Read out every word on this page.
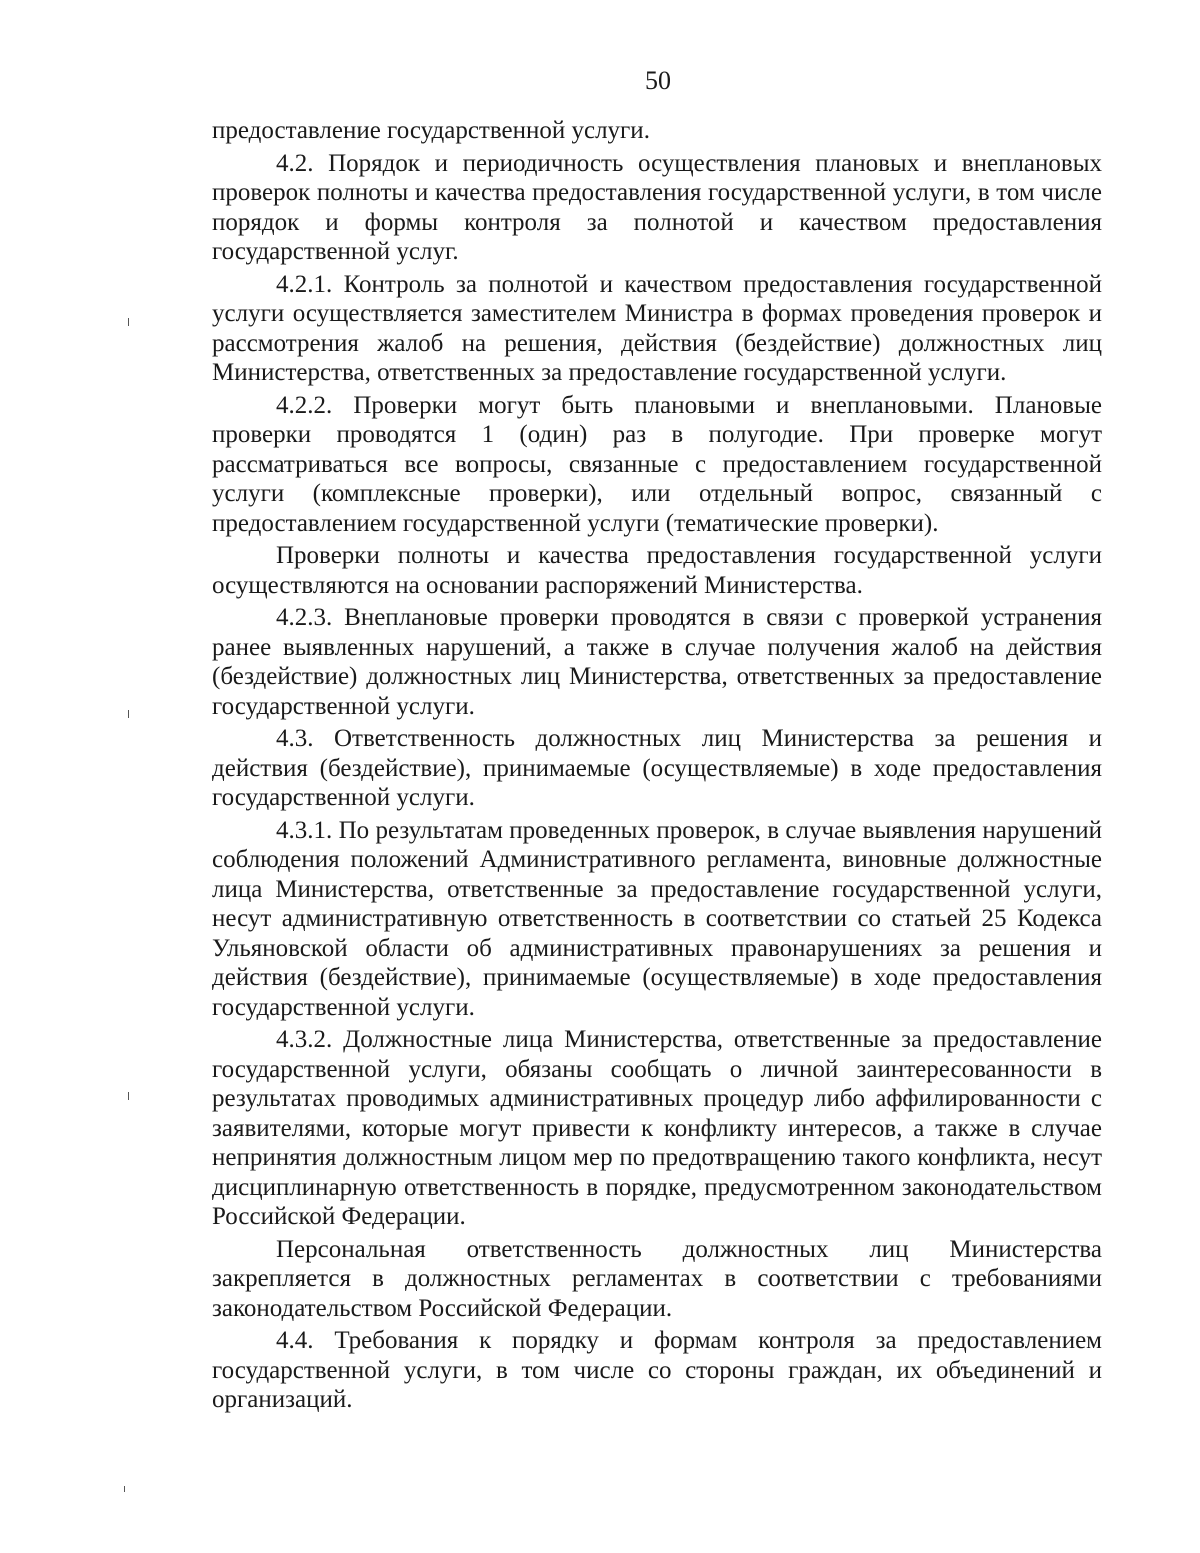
50

предоставление государственной услуги.

4.2. Порядок и периодичность осуществления плановых и внеплановых проверок полноты и качества предоставления государственной услуги, в том числе порядок и формы контроля за полнотой и качеством предоставления государственной услуг.

4.2.1. Контроль за полнотой и качеством предоставления государственной услуги осуществляется заместителем Министра в формах проведения проверок и рассмотрения жалоб на решения, действия (бездействие) должностных лиц Министерства, ответственных за предоставление государственной услуги.

4.2.2. Проверки могут быть плановыми и внеплановыми. Плановые проверки проводятся 1 (один) раз в полугодие. При проверке могут рассматриваться все вопросы, связанные с предоставлением государственной услуги (комплексные проверки), или отдельный вопрос, связанный с предоставлением государственной услуги (тематические проверки).

Проверки полноты и качества предоставления государственной услуги осуществляются на основании распоряжений Министерства.

4.2.3. Внеплановые проверки проводятся в связи с проверкой устранения ранее выявленных нарушений, а также в случае получения жалоб на действия (бездействие) должностных лиц Министерства, ответственных за предоставление государственной услуги.

4.3. Ответственность должностных лиц Министерства за решения и действия (бездействие), принимаемые (осуществляемые) в ходе предоставления государственной услуги.

4.3.1. По результатам проведенных проверок, в случае выявления нарушений соблюдения положений Административного регламента, виновные должностные лица Министерства, ответственные за предоставление государственной услуги, несут административную ответственность в соответствии со статьей 25 Кодекса Ульяновской области об административных правонарушениях за решения и действия (бездействие), принимаемые (осуществляемые) в ходе предоставления государственной услуги.

4.3.2. Должностные лица Министерства, ответственные за предоставление государственной услуги, обязаны сообщать о личной заинтересованности в результатах проводимых административных процедур либо аффилированности с заявителями, которые могут привести к конфликту интересов, а также в случае непринятия должностным лицом мер по предотвращению такого конфликта, несут дисциплинарную ответственность в порядке, предусмотренном законодательством Российской Федерации.

Персональная ответственность должностных лиц Министерства закрепляется в должностных регламентах в соответствии с требованиями законодательством Российской Федерации.

4.4. Требования к порядку и формам контроля за предоставлением государственной услуги, в том числе со стороны граждан, их объединений и организаций.
